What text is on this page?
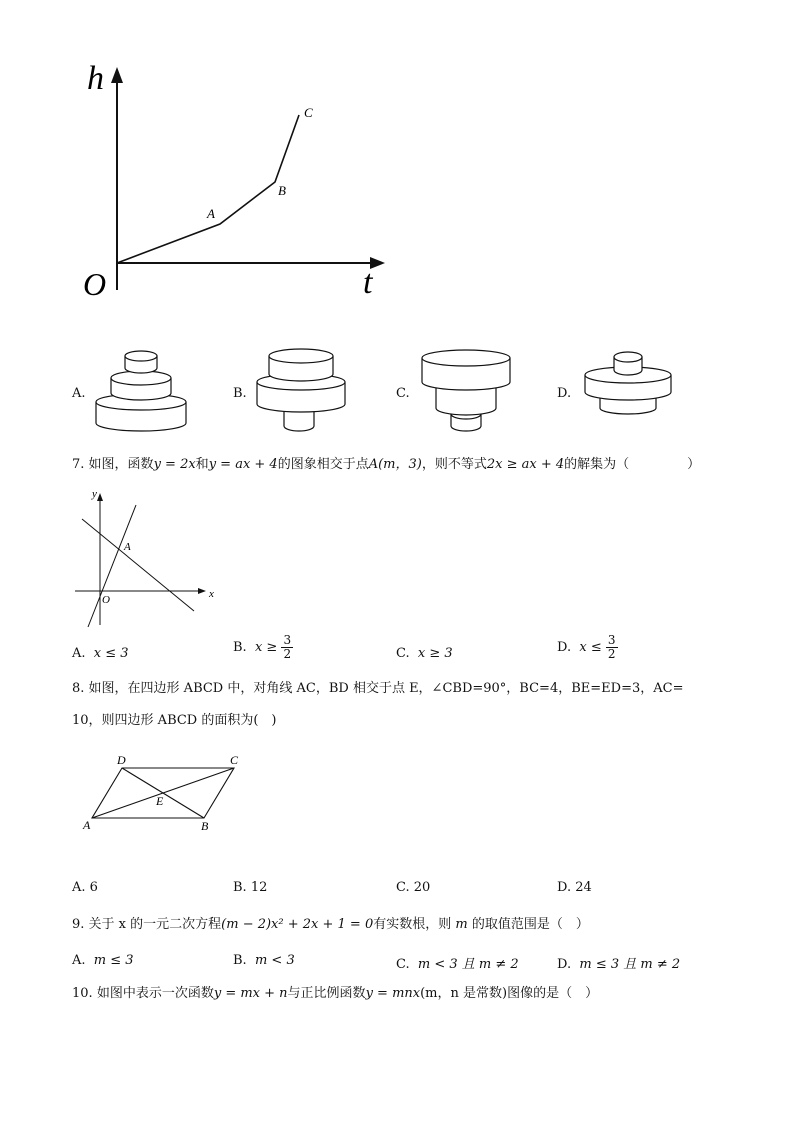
h
t
O
A
B
C
A.	B.	C.	D.
7. 如图，函数y = 2x和y = ax + 4的图象相交于点A(m，3)，则不等式2x ≥ ax + 4的解集为（	）
x
y
O
A
A. x ≤ 3	B. $x \ge \frac{3}{2}$	C. x ≥ 3	D. $x \le \frac{3}{2}$
8. 如图，在四边形 ABCD 中，对角线 AC，BD 相交于点 E，∠CBD=90°，BC=4，BE=ED=3，AC=
10，则四边形 ABCD 的面积为(　)
A	B
C
D
E
A. 6	B. 12	C. 20	D. 24
9. 关于 x 的一元二次方程(m − 2)x² + 2x + 1 = 0有实数根，则 m 的取值范围是（　）
A. m ≤ 3	B. m < 3	C. m < 3 且 m ≠ 2	D. m ≤ 3 且 m ≠ 2
10. 如图中表示一次函数y = mx + n与正比例函数y = mnx(m，n 是常数)图像的是（　）
